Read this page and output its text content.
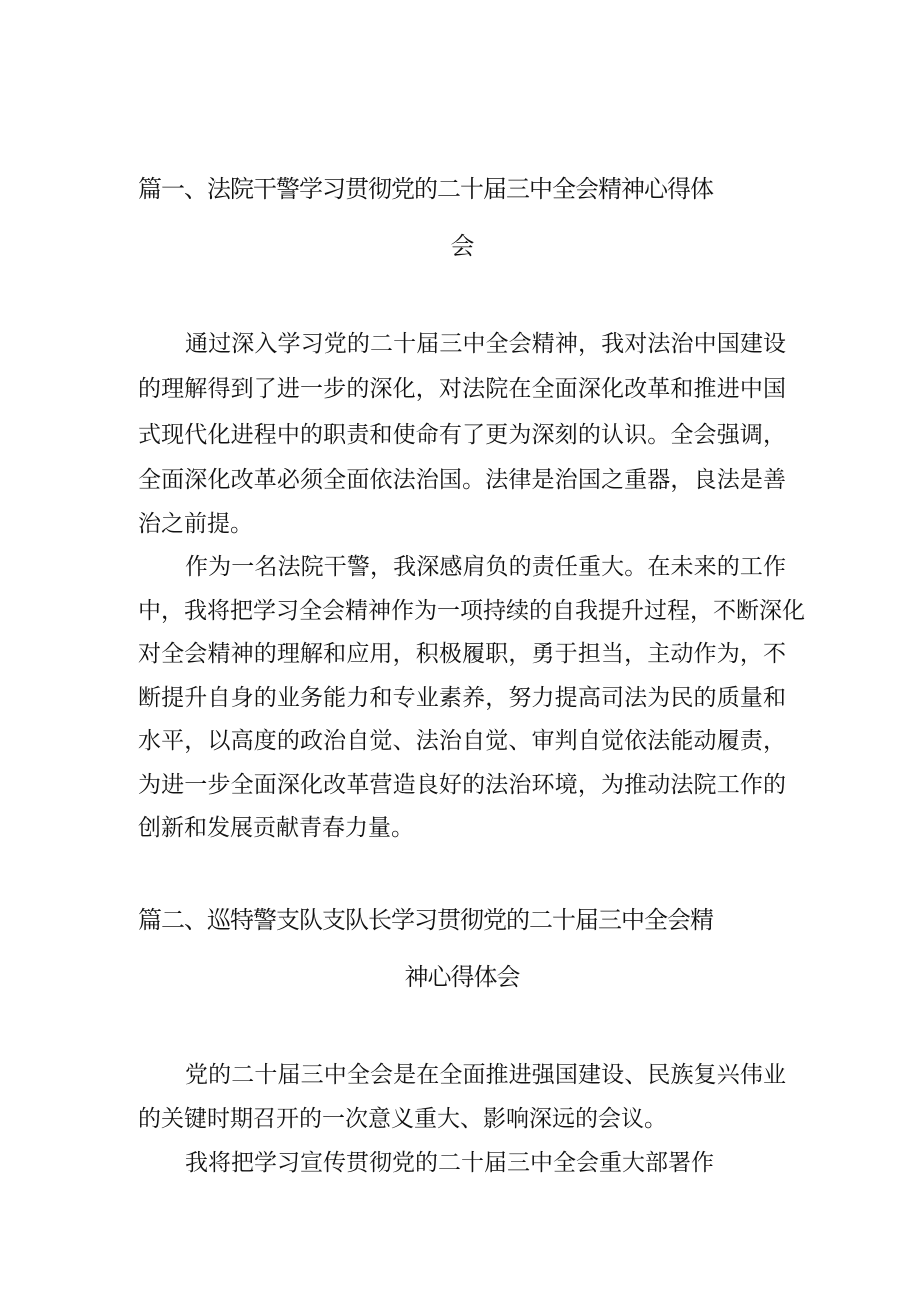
篇一、法院干警学习贯彻党的二十届三中全会精神心得体
会

通过深入学习党的二十届三中全会精神，我对法治中国建设

的理解得到了进一步的深化，对法院在全面深化改革和推进中国

式现代化进程中的职责和使命有了更为深刻的认识。全会强调，

全面深化改革必须全面依法治国。法律是治国之重器，良法是善

治之前提。

作为一名法院干警，我深感肩负的责任重大。在未来的工作

中，我将把学习全会精神作为一项持续的自我提升过程，不断深化

对全会精神的理解和应用，积极履职，勇于担当，主动作为，不

断提升自身的业务能力和专业素养，努力提高司法为民的质量和

水平，以高度的政治自觉、法治自觉、审判自觉依法能动履责，

为进一步全面深化改革营造良好的法治环境，为推动法院工作的

创新和发展贡献青春力量。

篇二、巡特警支队支队长学习贯彻党的二十届三中全会精
神心得体会

党的二十届三中全会是在全面推进强国建设、民族复兴伟业

的关键时期召开的一次意义重大、影响深远的会议。

我将把学习宣传贯彻党的二十届三中全会重大部署作
